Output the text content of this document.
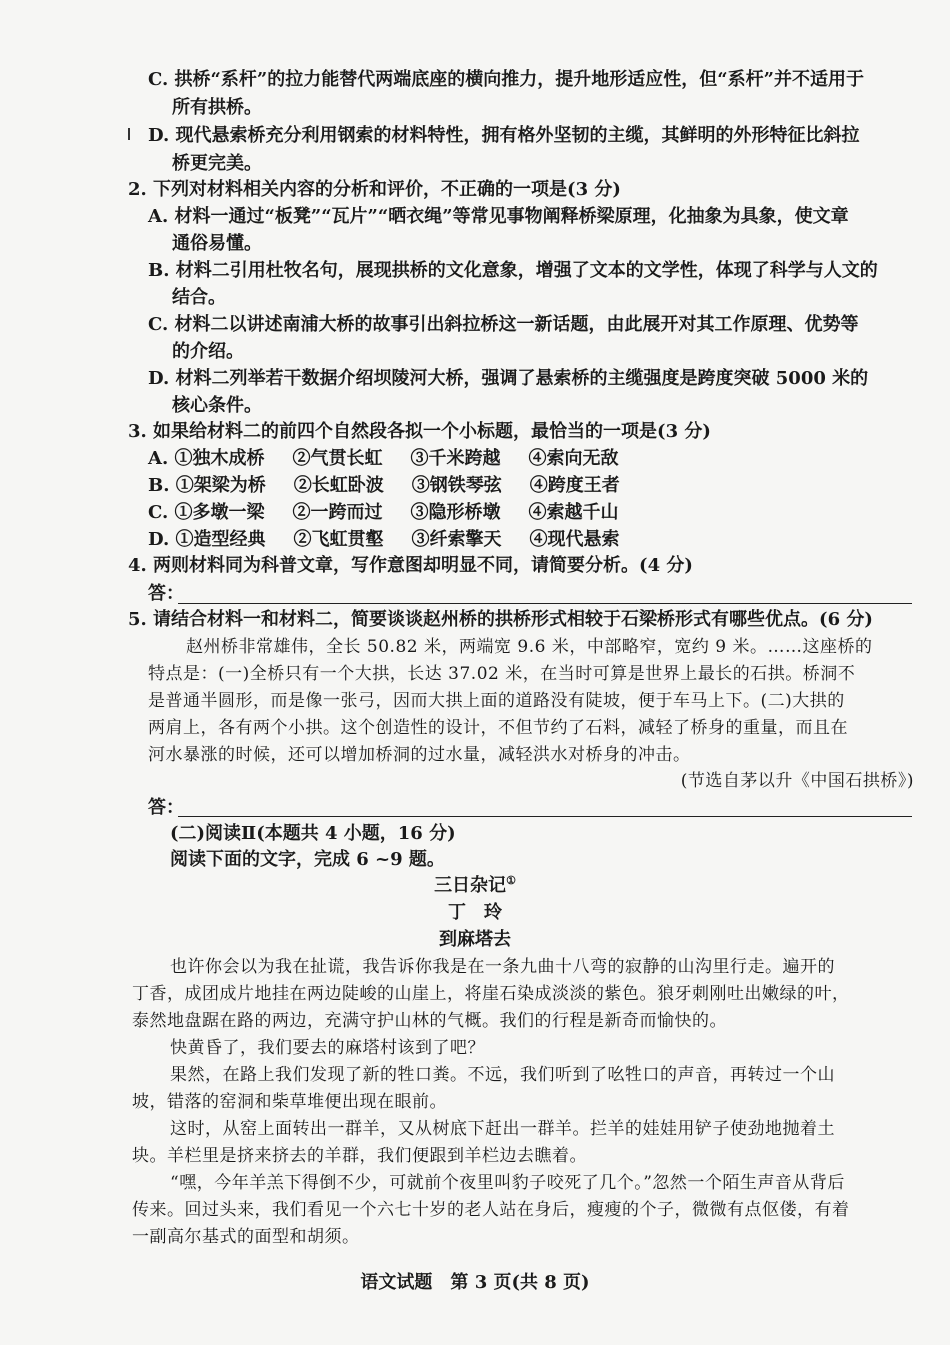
C. 拱桥“系杆”的拉力能替代两端底座的横向推力，提升地形适应性，但“系杆”并不适用于
所有拱桥。
D. 现代悬索桥充分利用钢索的材料特性，拥有格外坚韧的主缆，其鲜明的外形特征比斜拉
桥更完美。
2. 下列对材料相关内容的分析和评价，不正确的一项是(3 分)
A. 材料一通过“板凳”“瓦片”“晒衣绳”等常见事物阐释桥梁原理，化抽象为具象，使文章
通俗易懂。
B. 材料二引用杜牧名句，展现拱桥的文化意象，增强了文本的文学性，体现了科学与人文的
结合。
C. 材料二以讲述南浦大桥的故事引出斜拉桥这一新话题，由此展开对其工作原理、优势等
的介绍。
D. 材料二列举若干数据介绍坝陵河大桥，强调了悬索桥的主缆强度是跨度突破 5000 米的
核心条件。
3. 如果给材料二的前四个自然段各拟一个小标题，最恰当的一项是(3 分)
A. ①独木成桥 ②气贯长虹 ③千米跨越 ④索向无敌
B. ①架梁为桥 ②长虹卧波 ③钢铁琴弦 ④跨度王者
C. ①多墩一梁 ②一跨而过 ③隐形桥墩 ④索越千山
D. ①造型经典 ②飞虹贯壑 ③纤索擎天 ④现代悬索
4. 两则材料同为科普文章，写作意图却明显不同，请简要分析。(4 分)
答：
5. 请结合材料一和材料二，简要谈谈赵州桥的拱桥形式相较于石梁桥形式有哪些优点。(6 分)
赵州桥非常雄伟，全长 50.82 米，两端宽 9.6 米，中部略窄，宽约 9 米。……这座桥的
特点是：(一)全桥只有一个大拱，长达 37.02 米，在当时可算是世界上最长的石拱。桥洞不
是普通半圆形，而是像一张弓，因而大拱上面的道路没有陡坡，便于车马上下。(二)大拱的
两肩上，各有两个小拱。这个创造性的设计，不但节约了石料，减轻了桥身的重量，而且在
河水暴涨的时候，还可以增加桥洞的过水量，减轻洪水对桥身的冲击。
(节选自茅以升《中国石拱桥》)
答：
(二)阅读Ⅱ(本题共 4 小题，16 分)
阅读下面的文字，完成 6 ~9 题。
三日杂记①
丁　玲
到麻塔去
也许你会以为我在扯谎，我告诉你我是在一条九曲十八弯的寂静的山沟里行走。遍开的
丁香，成团成片地挂在两边陡峻的山崖上，将崖石染成淡淡的紫色。狼牙刺刚吐出嫩绿的叶，
泰然地盘踞在路的两边，充满守护山林的气概。我们的行程是新奇而愉快的。
快黄昏了，我们要去的麻塔村该到了吧？
果然，在路上我们发现了新的牲口粪。不远，我们听到了吆牲口的声音，再转过一个山
坡，错落的窑洞和柴草堆便出现在眼前。
这时，从窑上面转出一群羊，又从树底下赶出一群羊。拦羊的娃娃用铲子使劲地抛着土
块。羊栏里是挤来挤去的羊群，我们便跟到羊栏边去瞧着。
“嘿，今年羊羔下得倒不少，可就前个夜里叫豹子咬死了几个。”忽然一个陌生声音从背后
传来。回过头来，我们看见一个六七十岁的老人站在身后，瘦瘦的个子，微微有点伛偻，有着
一副高尔基式的面型和胡须。
语文试题　第 3 页(共 8 页)
